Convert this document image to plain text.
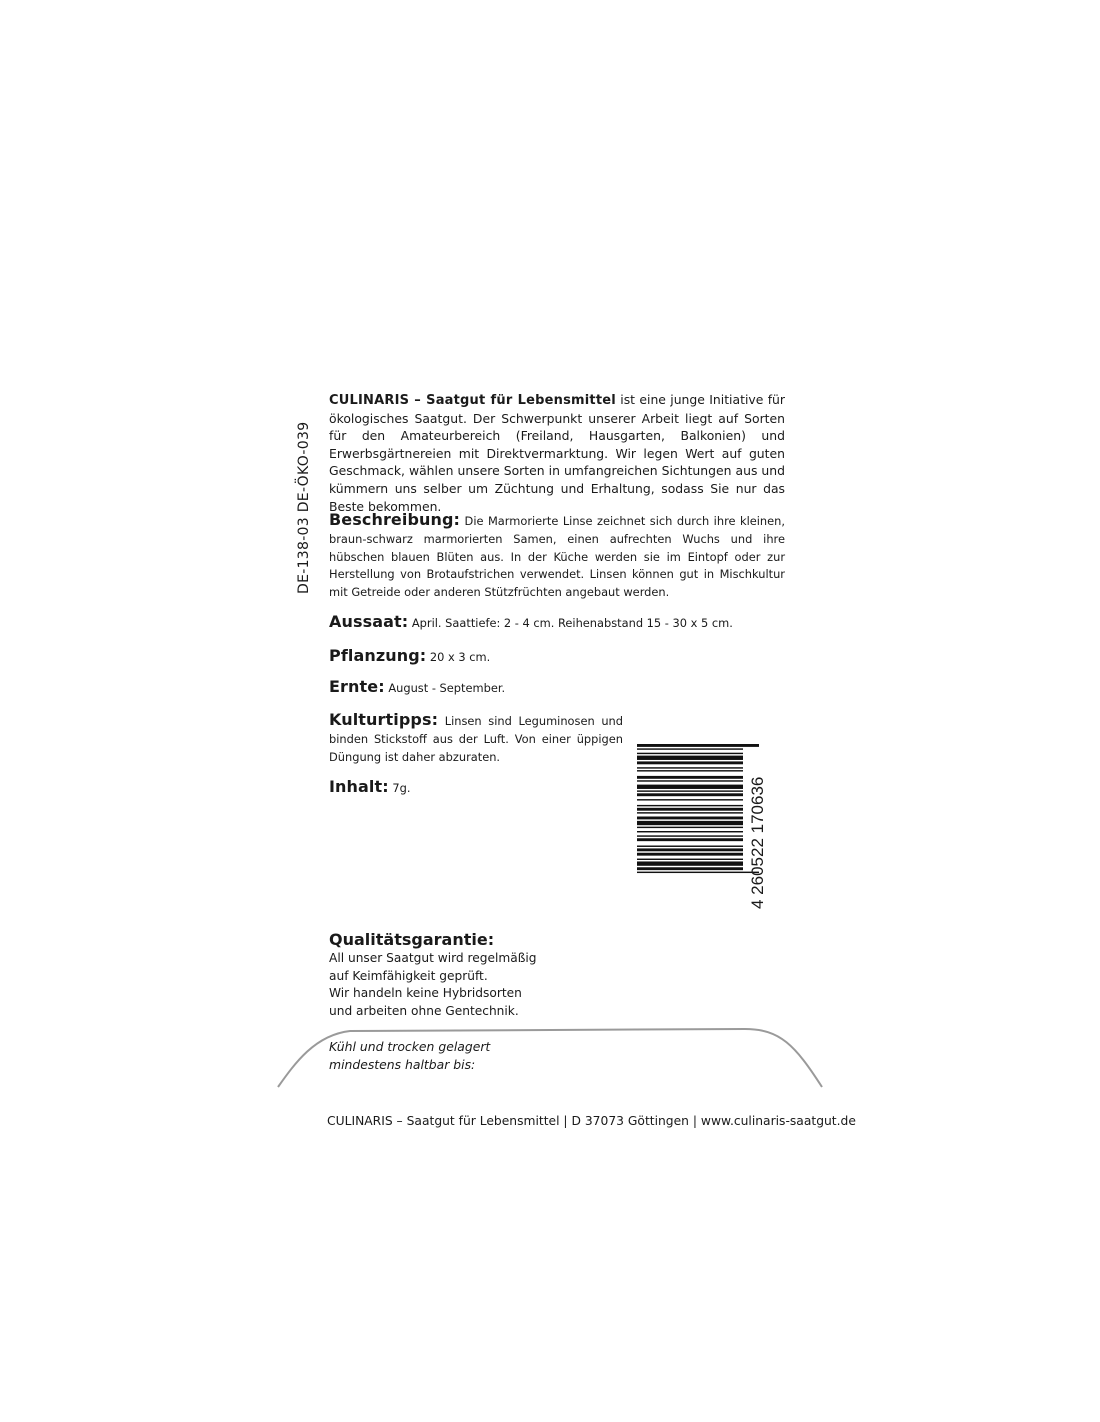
DE-138-03 DE-ÖKO-039
CULINARIS – Saatgut für Lebensmittel ist eine junge Initiative für ökologisches Saatgut. Der Schwerpunkt unserer Arbeit liegt auf Sorten für den Amateurbereich (Freiland, Hausgarten, Balkonien) und Erwerbsgärtnereien mit Direktvermarktung. Wir legen Wert auf guten Geschmack, wählen unsere Sorten in umfangreichen Sichtungen aus und kümmern uns selber um Züchtung und Erhaltung, sodass Sie nur das Beste bekommen.
Beschreibung: Die Marmorierte Linse zeichnet sich durch ihre kleinen, braun-schwarz marmorierten Samen, einen aufrechten Wuchs und ihre hübschen blauen Blüten aus. In der Küche werden sie im Eintopf oder zur Herstellung von Brotaufstrichen verwendet. Linsen können gut in Mischkultur mit Getreide oder anderen Stützfrüchten angebaut werden.
Aussaat: April. Saattiefe: 2 - 4 cm. Reihenabstand 15 - 30 x 5 cm.
Pflanzung: 20 x 3 cm.
Ernte: August - September.
Kulturtipps: Linsen sind Leguminosen und binden Stickstoff aus der Luft. Von einer üppigen Düngung ist daher abzuraten.
Inhalt: 7g.	4 260522 170636
Qualitätsgarantie:
All unser Saatgut wird regelmäßig
auf Keimfähigkeit geprüft.
Wir handeln keine Hybridsorten
und arbeiten ohne Gentechnik.
Kühl und trocken gelagert
mindestens haltbar bis:
CULINARIS – Saatgut für Lebensmittel | D 37073 Göttingen | www.culinaris-saatgut.de
